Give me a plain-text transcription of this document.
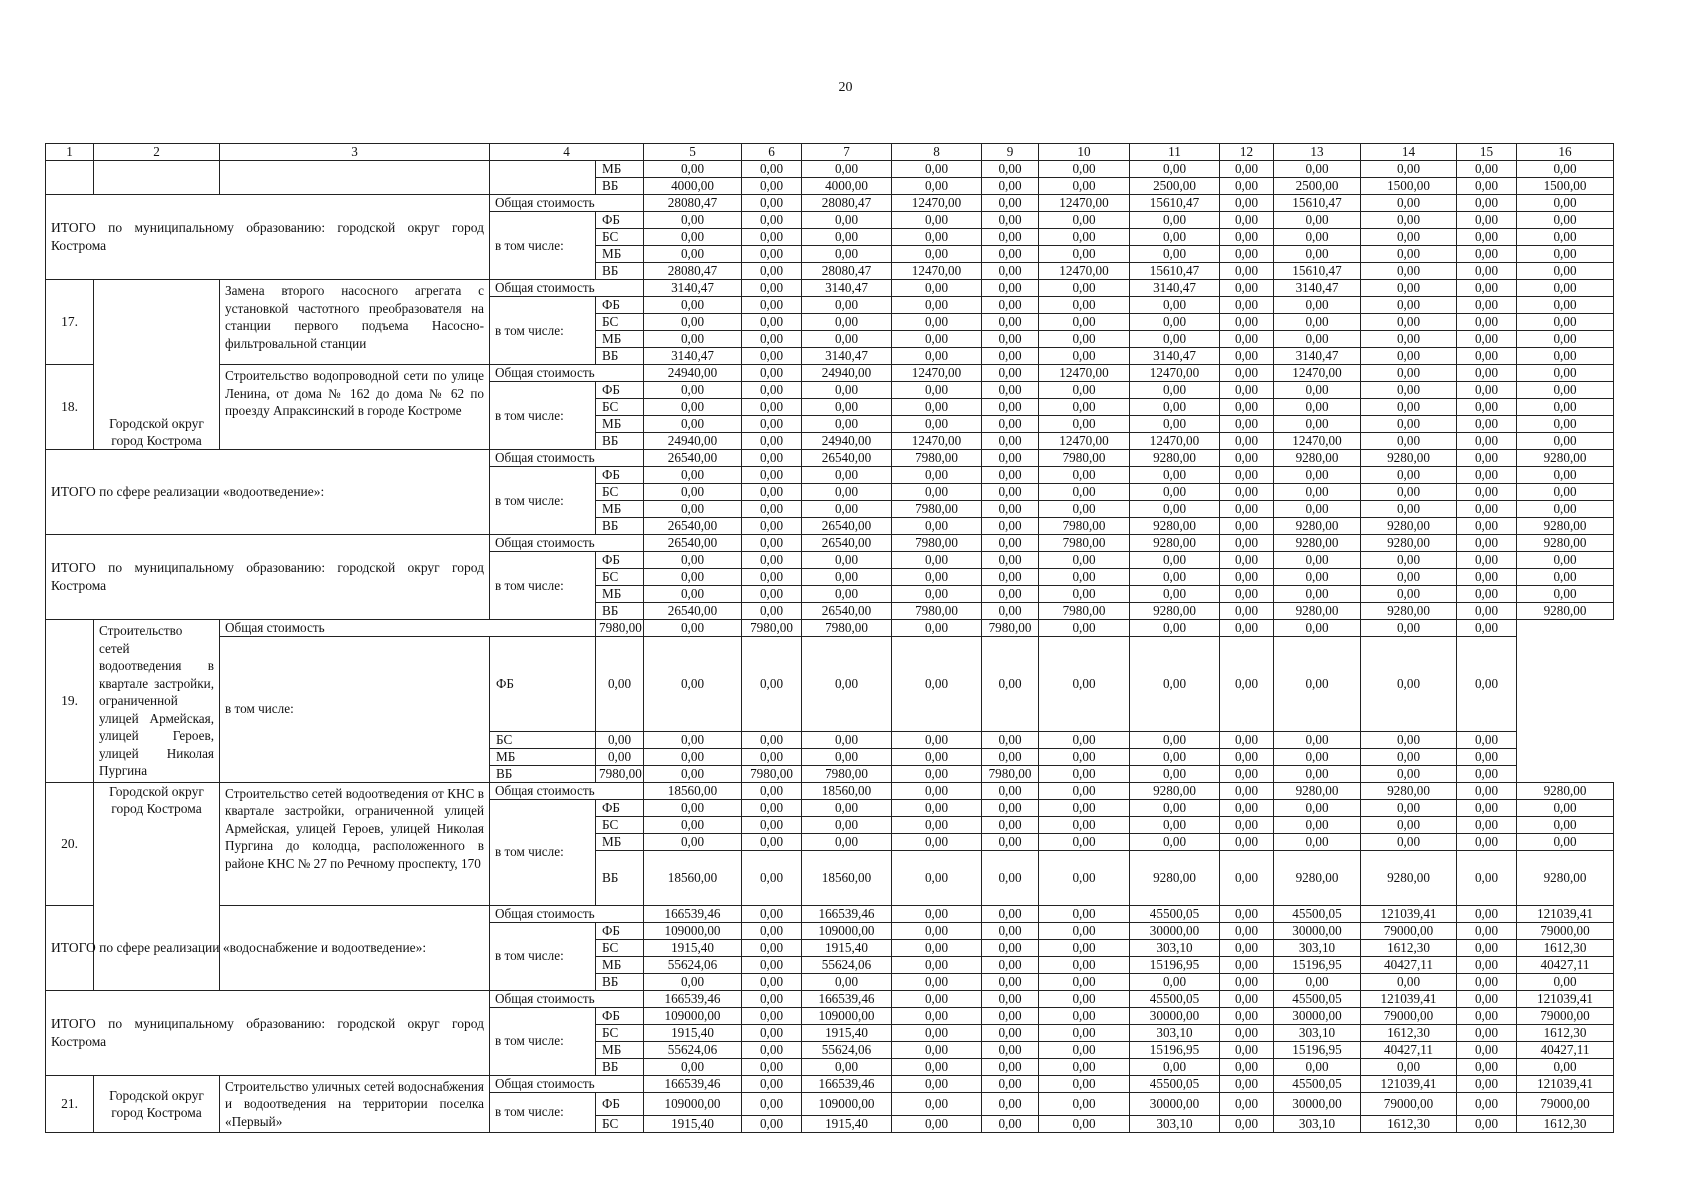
20
1	2	3	4		5	6	7	8	9	10	11	12	13	14	15	16
				МБ	0,00	0,00	0,00	0,00	0,00	0,00	0,00	0,00	0,00	0,00	0,00	0,00
				ВБ	4000,00	0,00	4000,00	0,00	0,00	0,00	2500,00	0,00	2500,00	1500,00	0,00	1500,00
ИТОГО по муниципальному образованию: городской округ город Кострома			Общая стоимость		28080,47	0,00	28080,47	12470,00	0,00	12470,00	15610,47	0,00	15610,47	0,00	0,00	0,00
			в том числе:	ФБ	0,00	0,00	0,00	0,00	0,00	0,00	0,00	0,00	0,00	0,00	0,00	0,00
				БС	0,00	0,00	0,00	0,00	0,00	0,00	0,00	0,00	0,00	0,00	0,00	0,00
				МБ	0,00	0,00	0,00	0,00	0,00	0,00	0,00	0,00	0,00	0,00	0,00	0,00
				ВБ	28080,47	0,00	28080,47	12470,00	0,00	12470,00	15610,47	0,00	15610,47	0,00	0,00	0,00
17.	Городской округ город Кострома	Замена второго насосного агрегата с установкой частотного преобразователя на станции первого подъема Насосно-фильтровальной станции	Общая стоимость		3140,47	0,00	3140,47	0,00	0,00	0,00	3140,47	0,00	3140,47	0,00	0,00	0,00
			в том числе:	ФБ	0,00	0,00	0,00	0,00	0,00	0,00	0,00	0,00	0,00	0,00	0,00	0,00
				БС	0,00	0,00	0,00	0,00	0,00	0,00	0,00	0,00	0,00	0,00	0,00	0,00
				МБ	0,00	0,00	0,00	0,00	0,00	0,00	0,00	0,00	0,00	0,00	0,00	0,00
				ВБ	3140,47	0,00	3140,47	0,00	0,00	0,00	3140,47	0,00	3140,47	0,00	0,00	0,00
18.		Строительство водопроводной сети по улице Ленина, от дома № 162 до дома № 62 по проезду Апраксинский в городе Костроме	Общая стоимость		24940,00	0,00	24940,00	12470,00	0,00	12470,00	12470,00	0,00	12470,00	0,00	0,00	0,00
			в том числе:	ФБ	0,00	0,00	0,00	0,00	0,00	0,00	0,00	0,00	0,00	0,00	0,00	0,00
				БС	0,00	0,00	0,00	0,00	0,00	0,00	0,00	0,00	0,00	0,00	0,00	0,00
				МБ	0,00	0,00	0,00	0,00	0,00	0,00	0,00	0,00	0,00	0,00	0,00	0,00
				ВБ	24940,00	0,00	24940,00	12470,00	0,00	12470,00	12470,00	0,00	12470,00	0,00	0,00	0,00
ИТОГО по сфере реализации «водоотведение»:			Общая стоимость		26540,00	0,00	26540,00	7980,00	0,00	7980,00	9280,00	0,00	9280,00	9280,00	0,00	9280,00
			в том числе:	ФБ	0,00	0,00	0,00	0,00	0,00	0,00	0,00	0,00	0,00	0,00	0,00	0,00
				БС	0,00	0,00	0,00	0,00	0,00	0,00	0,00	0,00	0,00	0,00	0,00	0,00
				МБ	0,00	0,00	0,00	7980,00	0,00	0,00	0,00	0,00	0,00	0,00	0,00	0,00
				ВБ	26540,00	0,00	26540,00	0,00	0,00	7980,00	9280,00	0,00	9280,00	9280,00	0,00	9280,00
ИТОГО по муниципальному образованию: городской округ город Кострома			Общая стоимость		26540,00	0,00	26540,00	7980,00	0,00	7980,00	9280,00	0,00	9280,00	9280,00	0,00	9280,00
			в том числе:	ФБ	0,00	0,00	0,00	0,00	0,00	0,00	0,00	0,00	0,00	0,00	0,00	0,00
				БС	0,00	0,00	0,00	0,00	0,00	0,00	0,00	0,00	0,00	0,00	0,00	0,00
				МБ	0,00	0,00	0,00	0,00	0,00	0,00	0,00	0,00	0,00	0,00	0,00	0,00
				ВБ	26540,00	0,00	26540,00	7980,00	0,00	7980,00	9280,00	0,00	9280,00	9280,00	0,00	9280,00
19.	Строительство сетей водоотведения в квартале застройки, ограниченной улицей Армейская, улицей Героев, улицей Николая Пургина	Общая стоимость		7980,00	0,00	7980,00	7980,00	0,00	7980,00	0,00	0,00	0,00	0,00	0,00	0,00	
		в том числе:	ФБ	0,00	0,00	0,00	0,00	0,00	0,00	0,00	0,00	0,00	0,00	0,00	0,00	
			БС	0,00	0,00	0,00	0,00	0,00	0,00	0,00	0,00	0,00	0,00	0,00	0,00	
			МБ	0,00	0,00	0,00	0,00	0,00	0,00	0,00	0,00	0,00	0,00	0,00	0,00	
			ВБ	7980,00	0,00	7980,00	7980,00	0,00	7980,00	0,00	0,00	0,00	0,00	0,00	0,00	
20.	Городской округ город Кострома	Строительство сетей водоотведения от КНС в квартале застройки, ограниченной улицей Армейская, улицей Героев, улицей Николая Пургина до колодца, расположенного в районе КНС № 27 по Речному проспекту, 170	Общая стоимость		18560,00	0,00	18560,00	0,00	0,00	0,00	9280,00	0,00	9280,00	9280,00	0,00	9280,00
			в том числе:	ФБ	0,00	0,00	0,00	0,00	0,00	0,00	0,00	0,00	0,00	0,00	0,00	0,00
				БС	0,00	0,00	0,00	0,00	0,00	0,00	0,00	0,00	0,00	0,00	0,00	0,00
				МБ	0,00	0,00	0,00	0,00	0,00	0,00	0,00	0,00	0,00	0,00	0,00	0,00
				ВБ	18560,00	0,00	18560,00	0,00	0,00	0,00	9280,00	0,00	9280,00	9280,00	0,00	9280,00
ИТОГО по сфере реализации «водоснабжение и водоотведение»:			Общая стоимость		166539,46	0,00	166539,46	0,00	0,00	0,00	45500,05	0,00	45500,05	121039,41	0,00	121039,41
			в том числе:	ФБ	109000,00	0,00	109000,00	0,00	0,00	0,00	30000,00	0,00	30000,00	79000,00	0,00	79000,00
				БС	1915,40	0,00	1915,40	0,00	0,00	0,00	303,10	0,00	303,10	1612,30	0,00	1612,30
				МБ	55624,06	0,00	55624,06	0,00	0,00	0,00	15196,95	0,00	15196,95	40427,11	0,00	40427,11
				ВБ	0,00	0,00	0,00	0,00	0,00	0,00	0,00	0,00	0,00	0,00	0,00	0,00
ИТОГО по муниципальному образованию: городской округ город Кострома			Общая стоимость		166539,46	0,00	166539,46	0,00	0,00	0,00	45500,05	0,00	45500,05	121039,41	0,00	121039,41
			в том числе:	ФБ	109000,00	0,00	109000,00	0,00	0,00	0,00	30000,00	0,00	30000,00	79000,00	0,00	79000,00
				БС	1915,40	0,00	1915,40	0,00	0,00	0,00	303,10	0,00	303,10	1612,30	0,00	1612,30
				МБ	55624,06	0,00	55624,06	0,00	0,00	0,00	15196,95	0,00	15196,95	40427,11	0,00	40427,11
				ВБ	0,00	0,00	0,00	0,00	0,00	0,00	0,00	0,00	0,00	0,00	0,00	0,00
21.	Городской округ город Кострома	Строительство уличных сетей водоснабжения и водоотведения на территории поселка «Первый»	Общая стоимость		166539,46	0,00	166539,46	0,00	0,00	0,00	45500,05	0,00	45500,05	121039,41	0,00	121039,41
			в том числе:	ФБ	109000,00	0,00	109000,00	0,00	0,00	0,00	30000,00	0,00	30000,00	79000,00	0,00	79000,00
				БС	1915,40	0,00	1915,40	0,00	0,00	0,00	303,10	0,00	303,10	1612,30	0,00	1612,30
